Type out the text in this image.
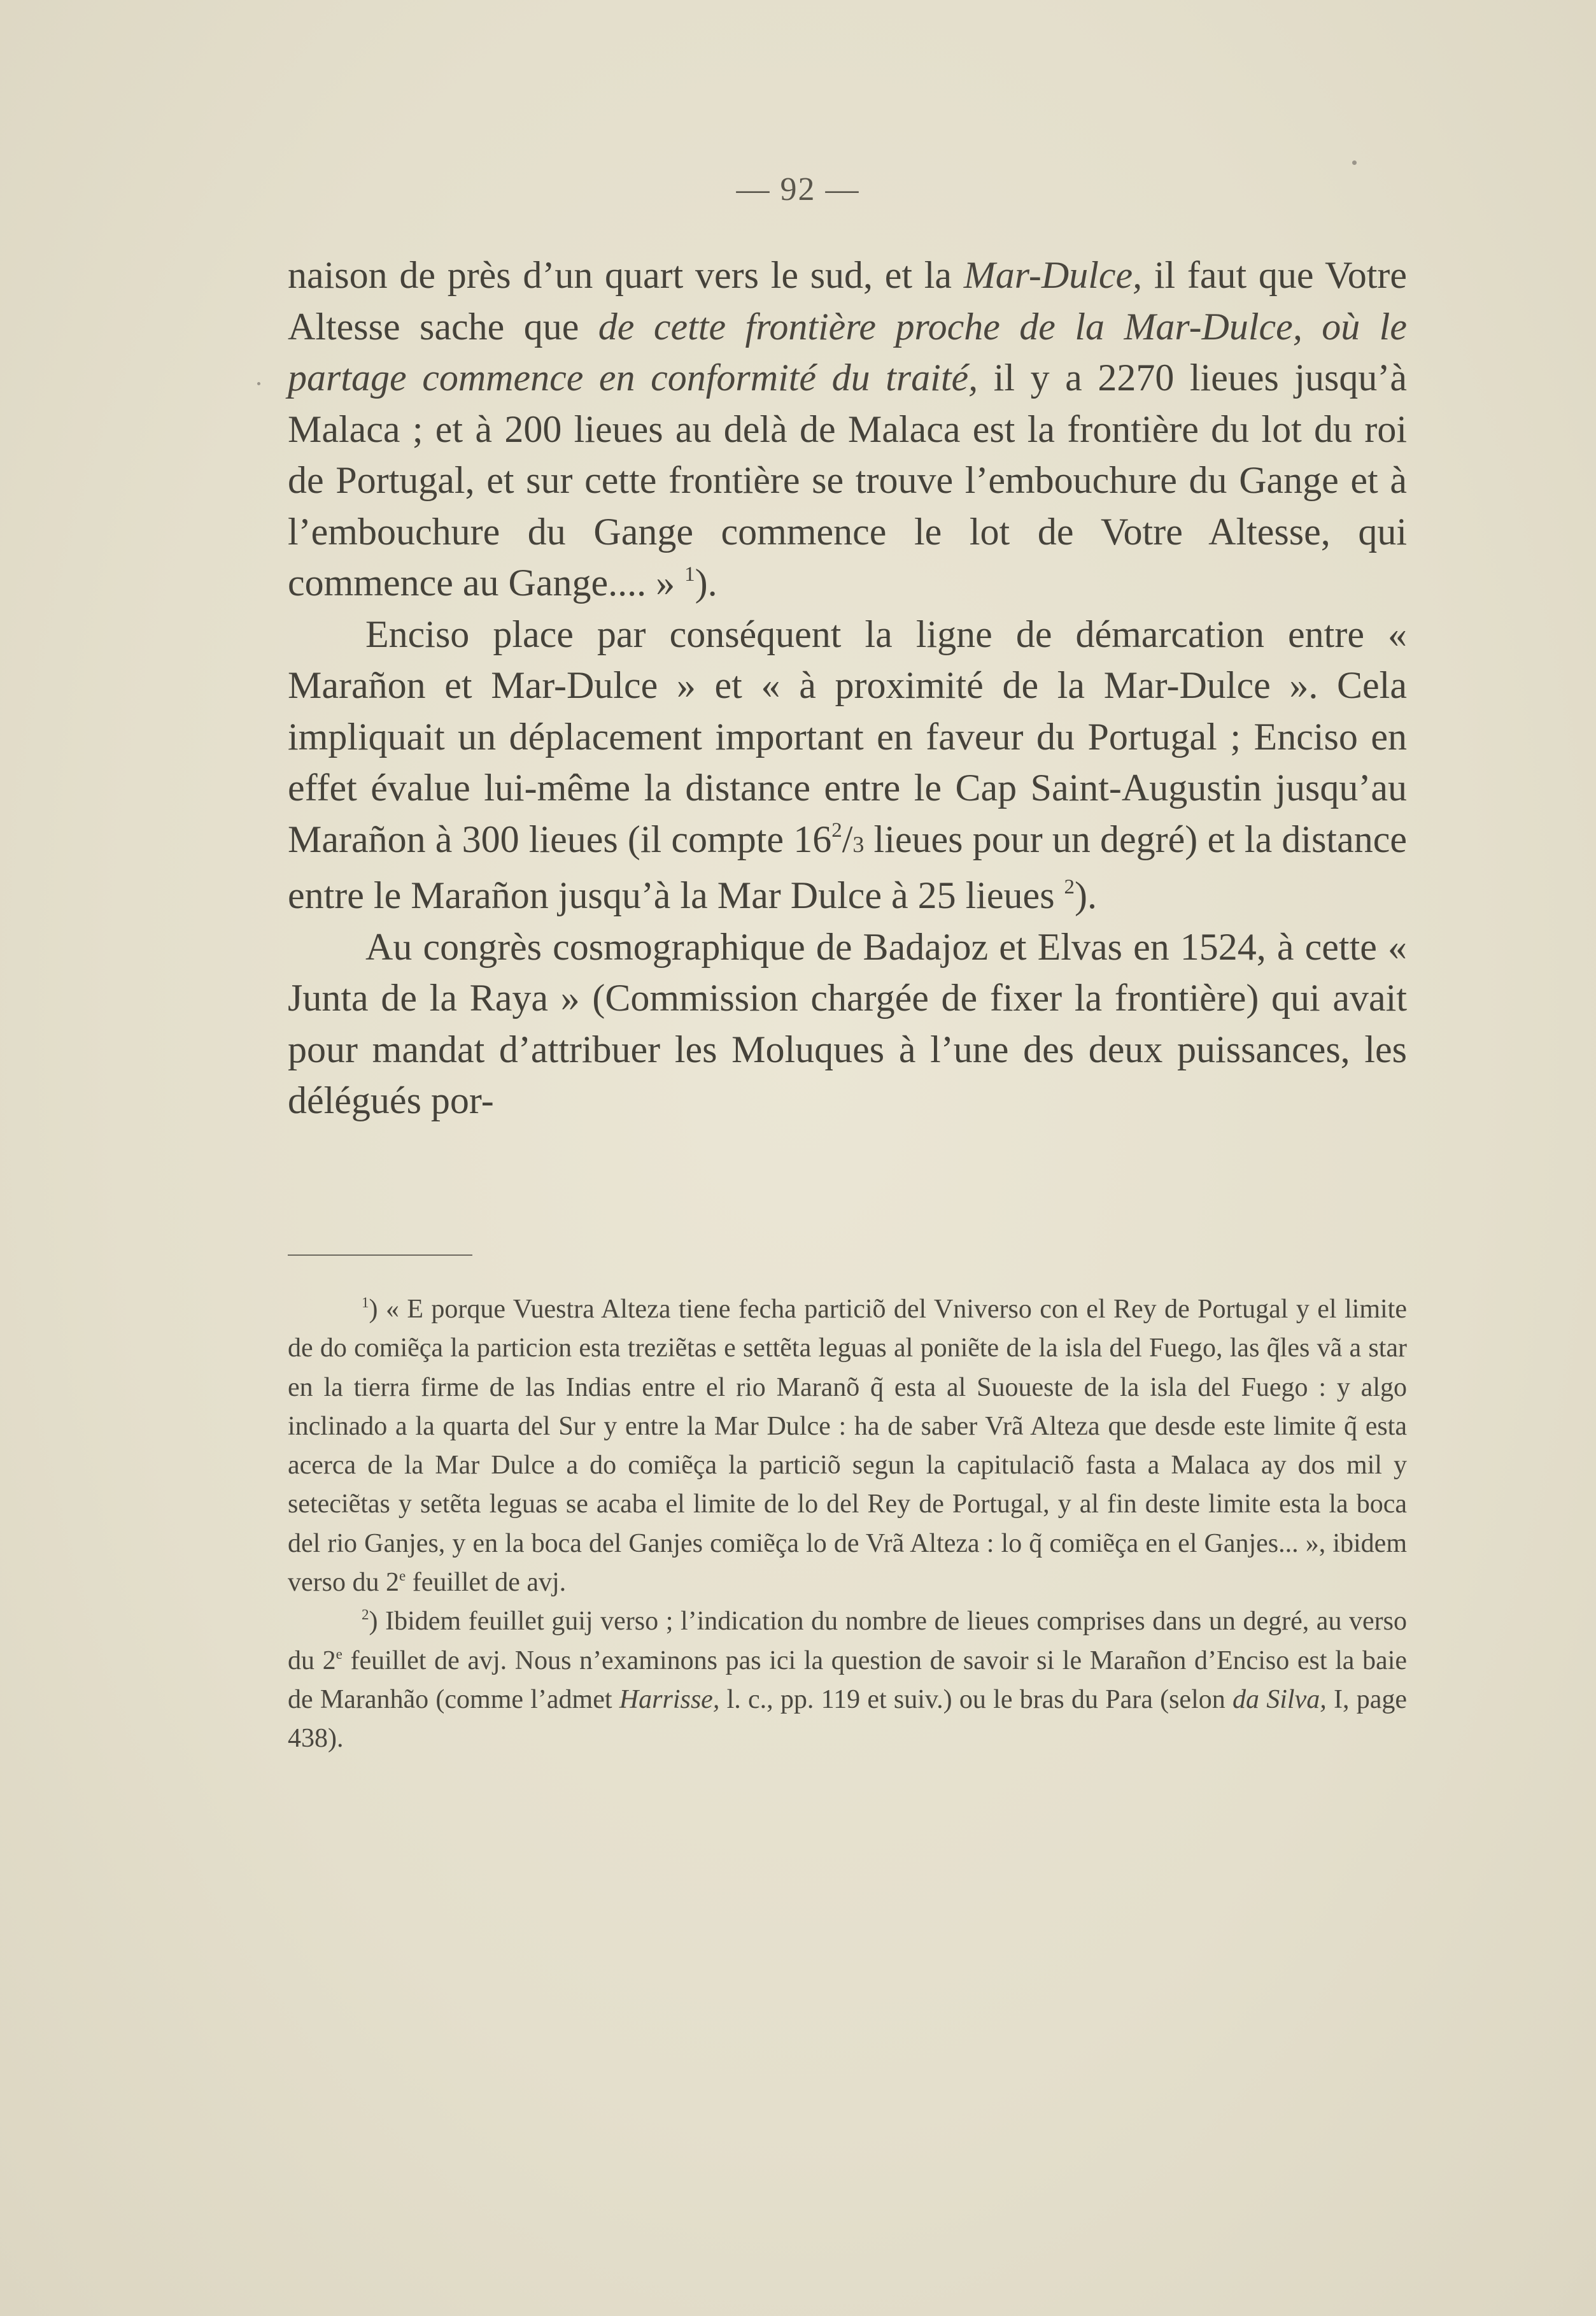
— 92 —

naison de près d’un quart vers le sud, et la Mar-Dulce, il faut que Votre Altesse sache que de cette frontière proche de la Mar-Dulce, où le partage commence en conformité du traité, il y a 2270 lieues jusqu’à Malaca ; et à 200 lieues au delà de Malaca est la frontière du lot du roi de Portugal, et sur cette frontière se trouve l’embouchure du Gange et à l’embouchure du Gange commence le lot de Votre Altesse, qui commence au Gange.... » $^1$).

Enciso place par conséquent la ligne de démarcation entre « Marañon et Mar-Dulce » et « à proximité de la Mar-Dulce ». Cela impliquait un déplacement important en faveur du Portugal ; Enciso en effet évalue lui-même la distance entre le Cap Saint-Augustin jusqu’au Marañon à 300 lieues (il compte $16^2/3$ lieues pour un degré) et la distance entre le Marañon jusqu’à la Mar Dulce à 25 lieues $^2$).

Au congrès cosmographique de Badajoz et Elvas en 1524, à cette « Junta de la Raya » (Commission chargée de fixer la frontière) qui avait pour mandat d’attribuer les Moluques à l’une des deux puissances, les délégués por-

$^1$) « E porque Vuestra Alteza tiene fecha particiõ del Vniverso con el Rey de Portugal y el limite de do comiẽça la particion esta treziẽtas e settẽta leguas al poniẽte de la isla del Fuego, las q̃les vã a star en la tierra firme de las Indias entre el rio Maranõ q̃ esta al Suoueste de la isla del Fuego : y algo inclinado a la quarta del Sur y entre la Mar Dulce : ha de saber Vrã Alteza que desde este limite q̃ esta acerca de la Mar Dulce a do comiẽça la particiõ segun la capitulaciõ fasta a Malaca ay dos mil y seteciẽtas y setẽta leguas se acaba el limite de lo del Rey de Portugal, y al fin deste limite esta la boca del rio Ganjes, y en la boca del Ganjes comiẽça lo de Vrã Alteza : lo q̃ comiẽça en el Ganjes... », ibidem verso du 2e feuillet de avj.

$^2$) Ibidem feuillet guij verso ; l’indication du nombre de lieues comprises dans un degré, au verso du 2e feuillet de avj. Nous n’examinons pas ici la question de savoir si le Marañon d’Enciso est la baie de Maranhão (comme l’admet Harrisse, l. c., pp. 119 et suiv.) ou le bras du Para (selon da Silva, I, page 438).
